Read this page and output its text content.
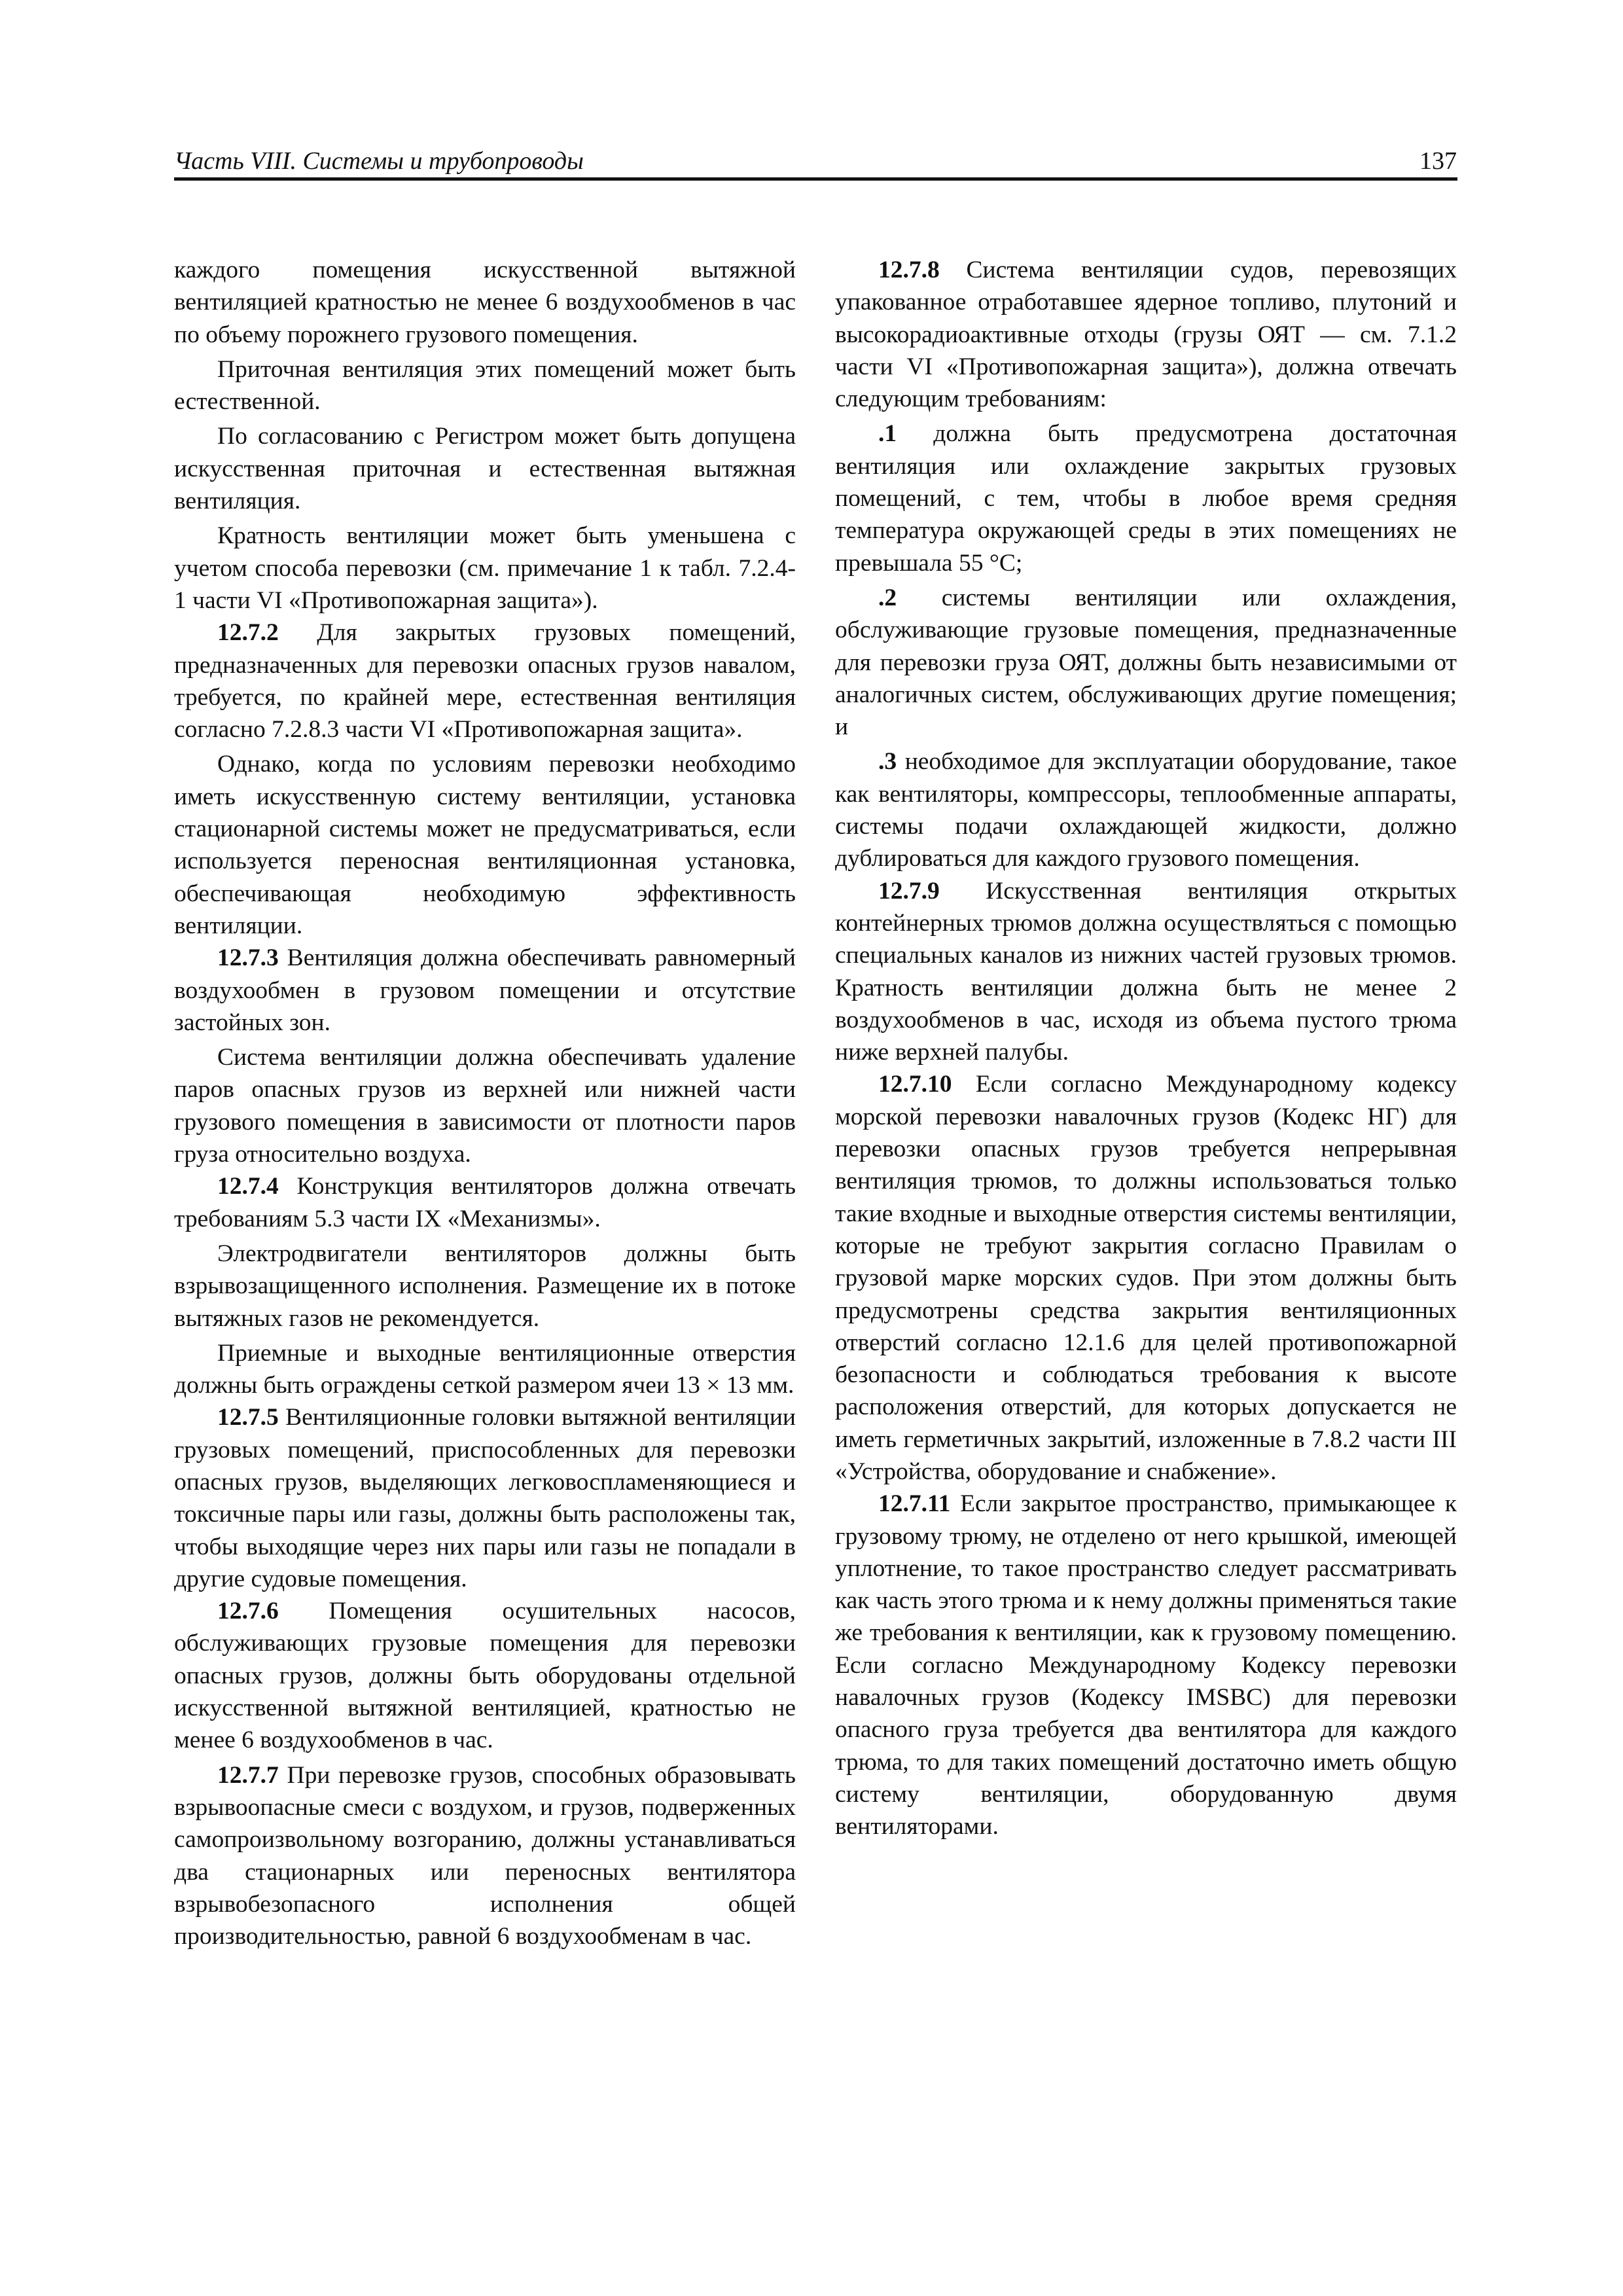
Часть VIII. Системы и трубопроводы	137

каждого помещения искусственной вытяжной вентиляцией кратностью не менее 6 воздухообменов в час по объему порожнего грузового помещения.

Приточная вентиляция этих помещений может быть естественной.

По согласованию с Регистром может быть допущена искусственная приточная и естественная вытяжная вентиляция.

Кратность вентиляции может быть уменьшена с учетом способа перевозки (см. примечание 1 к табл. 7.2.4-1 части VI «Противопожарная защита»).

12.7.2 Для закрытых грузовых помещений, предназначенных для перевозки опасных грузов навалом, требуется, по крайней мере, естественная вентиляция согласно 7.2.8.3 части VI «Противопожарная защита».

Однако, когда по условиям перевозки необходимо иметь искусственную систему вентиляции, установка стационарной системы может не предусматриваться, если используется переносная вентиляционная установка, обеспечивающая необходимую эффективность вентиляции.

12.7.3 Вентиляция должна обеспечивать равномерный воздухообмен в грузовом помещении и отсутствие застойных зон.

Система вентиляции должна обеспечивать удаление паров опасных грузов из верхней или нижней части грузового помещения в зависимости от плотности паров груза относительно воздуха.

12.7.4 Конструкция вентиляторов должна отвечать требованиям 5.3 части IX «Механизмы».

Электродвигатели вентиляторов должны быть взрывозащищенного исполнения. Размещение их в потоке вытяжных газов не рекомендуется.

Приемные и выходные вентиляционные отверстия должны быть ограждены сеткой размером ячеи 13 × 13 мм.

12.7.5 Вентиляционные головки вытяжной вентиляции грузовых помещений, приспособленных для перевозки опасных грузов, выделяющих легковоспламеняющиеся и токсичные пары или газы, должны быть расположены так, чтобы выходящие через них пары или газы не попадали в другие судовые помещения.

12.7.6 Помещения осушительных насосов, обслуживающих грузовые помещения для перевозки опасных грузов, должны быть оборудованы отдельной искусственной вытяжной вентиляцией, кратностью не менее 6 воздухообменов в час.

12.7.7 При перевозке грузов, способных образовывать взрывоопасные смеси с воздухом, и грузов, подверженных самопроизвольному возгоранию, должны устанавливаться два стационарных или переносных вентилятора взрывобезопасного исполнения общей производительностью, равной 6 воздухообменам в час.

12.7.8 Система вентиляции судов, перевозящих упакованное отработавшее ядерное топливо, плутоний и высокорадиоактивные отходы (грузы ОЯТ — см. 7.1.2 части VI «Противопожарная защита»), должна отвечать следующим требованиям:

.1 должна быть предусмотрена достаточная вентиляция или охлаждение закрытых грузовых помещений, с тем, чтобы в любое время средняя температура окружающей среды в этих помещениях не превышала 55 °С;

.2 системы вентиляции или охлаждения, обслуживающие грузовые помещения, предназначенные для перевозки груза ОЯТ, должны быть независимыми от аналогичных систем, обслуживающих другие помещения; и

.3 необходимое для эксплуатации оборудование, такое как вентиляторы, компрессоры, теплообменные аппараты, системы подачи охлаждающей жидкости, должно дублироваться для каждого грузового помещения.

12.7.9 Искусственная вентиляция открытых контейнерных трюмов должна осуществляться с помощью специальных каналов из нижних частей грузовых трюмов. Кратность вентиляции должна быть не менее 2 воздухообменов в час, исходя из объема пустого трюма ниже верхней палубы.

12.7.10 Если согласно Международному кодексу морской перевозки навалочных грузов (Кодекс НГ) для перевозки опасных грузов требуется непрерывная вентиляция трюмов, то должны использоваться только такие входные и выходные отверстия системы вентиляции, которые не требуют закрытия согласно Правилам о грузовой марке морских судов. При этом должны быть предусмотрены средства закрытия вентиляционных отверстий согласно 12.1.6 для целей противопожарной безопасности и соблюдаться требования к высоте расположения отверстий, для которых допускается не иметь герметичных закрытий, изложенные в 7.8.2 части III «Устройства, оборудование и снабжение».

12.7.11 Если закрытое пространство, примыкающее к грузовому трюму, не отделено от него крышкой, имеющей уплотнение, то такое пространство следует рассматривать как часть этого трюма и к нему должны применяться такие же требования к вентиляции, как к грузовому помещению. Если согласно Международному Кодексу перевозки навалочных грузов (Кодексу IMSBC) для перевозки опасного груза требуется два вентилятора для каждого трюма, то для таких помещений достаточно иметь общую систему вентиляции, оборудованную двумя вентиляторами.
